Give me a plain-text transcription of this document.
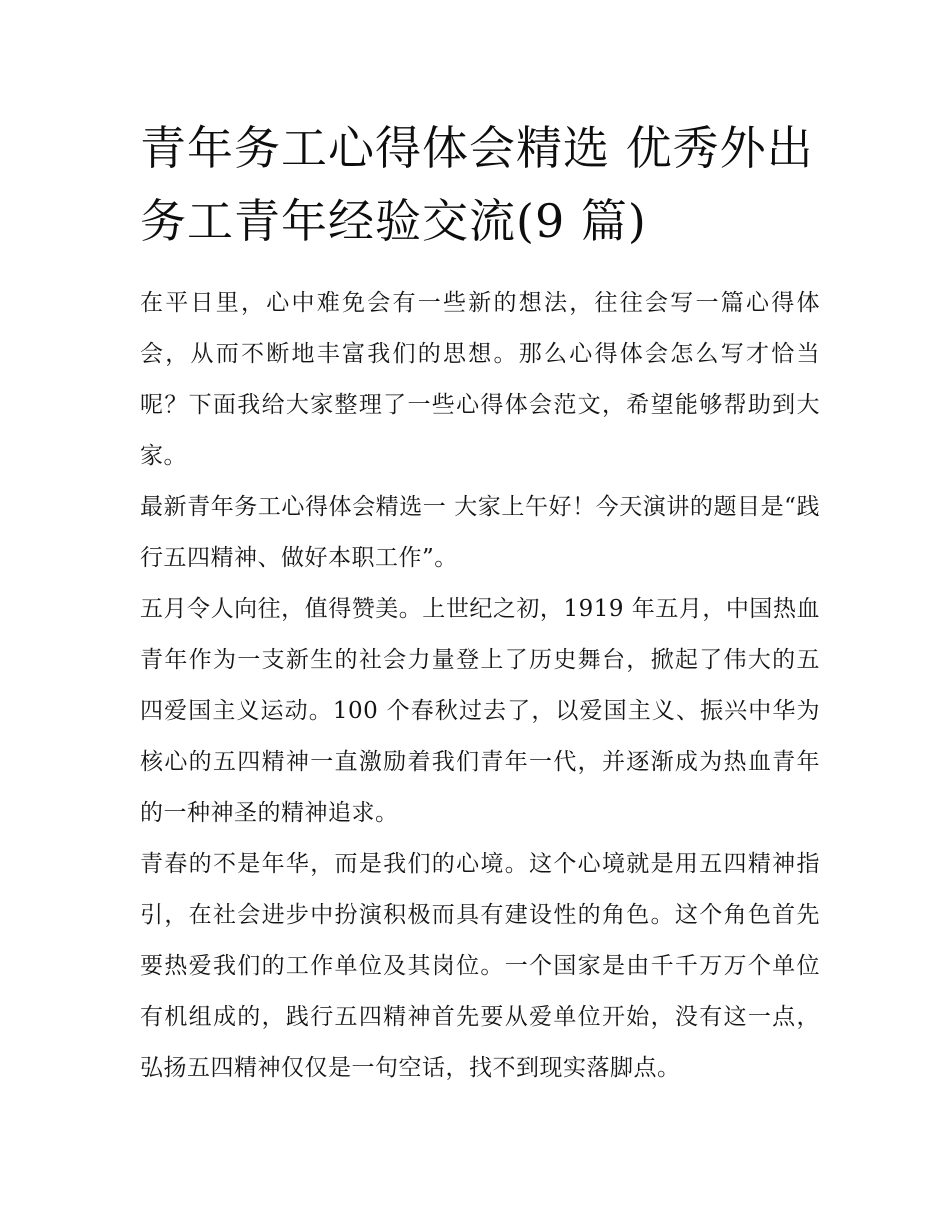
青年务工心得体会精选 优秀外出务工青年经验交流(9 篇)

在平日里，心中难免会有一些新的想法，往往会写一篇心得体会，从而不断地丰富我们的思想。那么心得体会怎么写才恰当呢？下面我给大家整理了一些心得体会范文，希望能够帮助到大家。

最新青年务工心得体会精选一 大家上午好！今天演讲的题目是“践行五四精神、做好本职工作”。

五月令人向往，值得赞美。上世纪之初，1919 年五月，中国热血青年作为一支新生的社会力量登上了历史舞台，掀起了伟大的五四爱国主义运动。100 个春秋过去了，以爱国主义、振兴中华为核心的五四精神一直激励着我们青年一代，并逐渐成为热血青年的一种神圣的精神追求。

青春的不是年华，而是我们的心境。这个心境就是用五四精神指引，在社会进步中扮演积极而具有建设性的角色。这个角色首先要热爱我们的工作单位及其岗位。一个国家是由千千万万个单位有机组成的，践行五四精神首先要从爱单位开始，没有这一点，弘扬五四精神仅仅是一句空话，找不到现实落脚点。
